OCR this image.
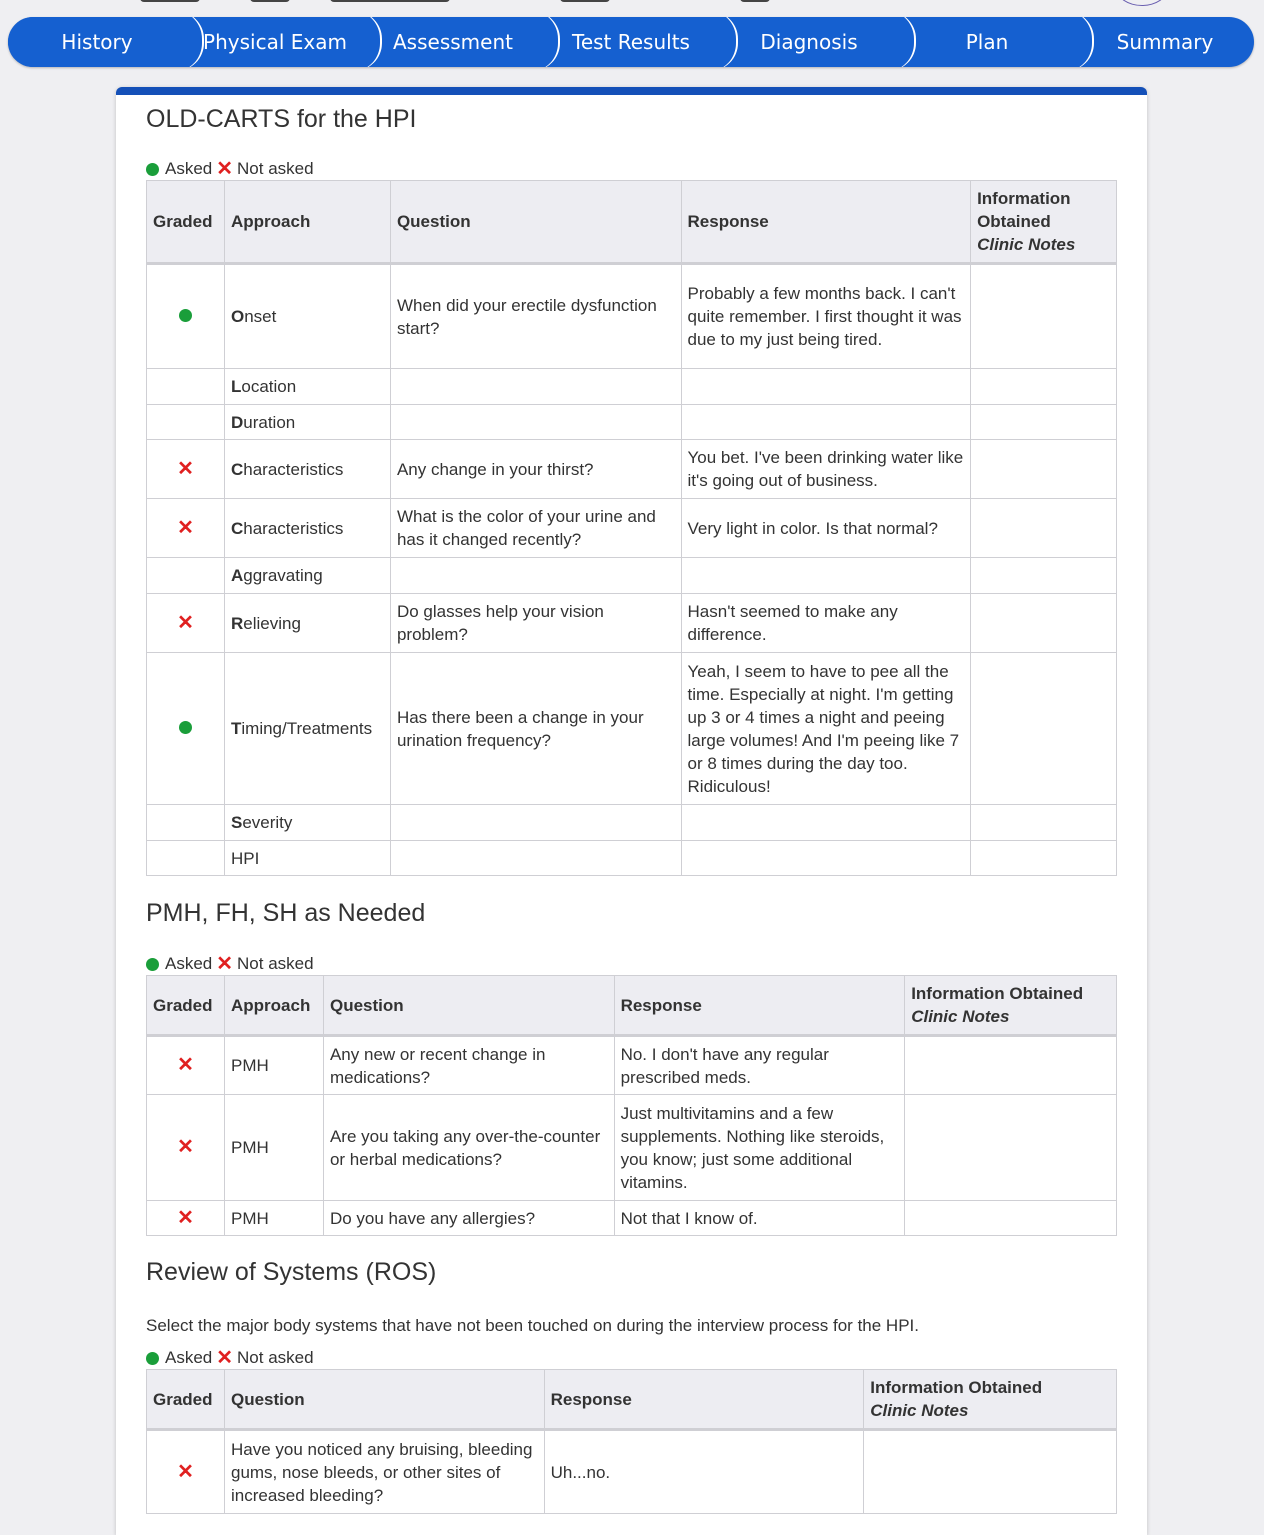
History	Physical Exam	Assessment	Test Results	Diagnosis	Plan	Summary
OLD-CARTS for the HPI
Asked ✕ Not asked
Graded	Approach	Question	Response	Information Obtained
Clinic Notes
	Onset	When did your erectile dysfunction start?	Probably a few months back. I can't quite remember. I first thought it was due to my just being tired.	
	Location			
	Duration			
✕	Characteristics	Any change in your thirst?	You bet. I've been drinking water like it's going out of business.	
✕	Characteristics	What is the color of your urine and has it changed recently?	Very light in color. Is that normal?	
	Aggravating			
✕	Relieving	Do glasses help your vision problem?	Hasn't seemed to make any difference.	
	Timing/Treatments	Has there been a change in your urination frequency?	Yeah, I seem to have to pee all the time. Especially at night. I'm getting up 3 or 4 times a night and peeing large volumes! And I'm peeing like 7 or 8 times during the day too. Ridiculous!	
	Severity			
	HPI			
PMH, FH, SH as Needed
Asked ✕ Not asked
Graded	Approach	Question	Response	Information Obtained
Clinic Notes
✕	PMH	Any new or recent change in medications?	No. I don't have any regular prescribed meds.	
✕	PMH	Are you taking any over-the-counter or herbal medications?	Just multivitamins and a few supplements. Nothing like steroids, you know; just some additional vitamins.	
✕	PMH	Do you have any allergies?	Not that I know of.	
Review of Systems (ROS)
Select the major body systems that have not been touched on during the interview process for the HPI.
Asked ✕ Not asked
Graded	Question	Response	Information Obtained
Clinic Notes
✕	Have you noticed any bruising, bleeding gums, nose bleeds, or other sites of increased bleeding?	Uh...no.	
